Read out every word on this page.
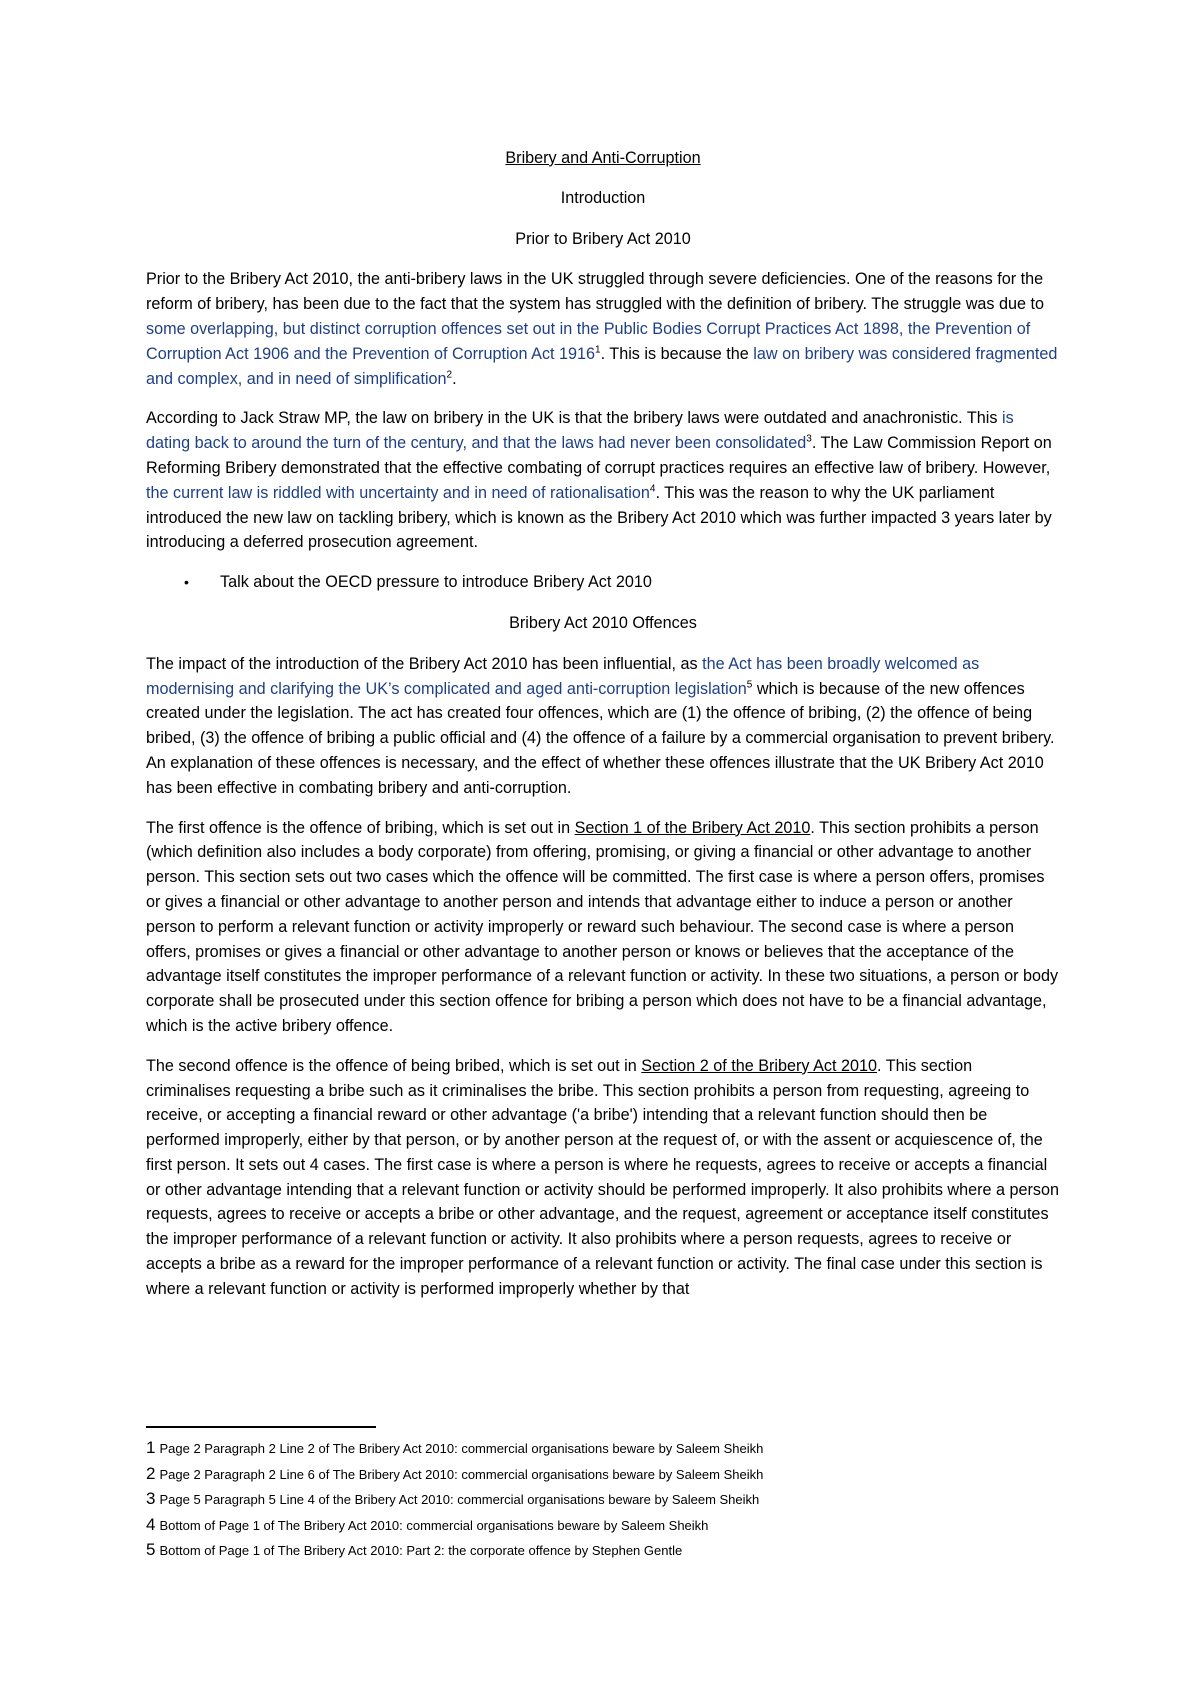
Bribery and Anti-Corruption
Introduction
Prior to Bribery Act 2010

Prior to the Bribery Act 2010, the anti-bribery laws in the UK struggled through severe deficiencies. One of the reasons for the reform of bribery, has been due to the fact that the system has struggled with the definition of bribery. The struggle was due to some overlapping, but distinct corruption offences set out in the Public Bodies Corrupt Practices Act 1898, the Prevention of Corruption Act 1906 and the Prevention of Corruption Act 1916$^1$. This is because the law on bribery was considered fragmented and complex, and in need of simplification$^2$.

According to Jack Straw MP, the law on bribery in the UK is that the bribery laws were outdated and anachronistic. This is dating back to around the turn of the century, and that the laws had never been consolidated$^3$. The Law Commission Report on Reforming Bribery demonstrated that the effective combating of corrupt practices requires an effective law of bribery. However, the current law is riddled with uncertainty and in need of rationalisation$^4$. This was the reason to why the UK parliament introduced the new law on tackling bribery, which is known as the Bribery Act 2010 which was further impacted 3 years later by introducing a deferred prosecution agreement.

•	Talk about the OECD pressure to introduce Bribery Act 2010
Bribery Act 2010 Offences

The impact of the introduction of the Bribery Act 2010 has been influential, as the Act has been broadly welcomed as modernising and clarifying the UK’s complicated and aged anti-corruption legislation$^5$ which is because of the new offences created under the legislation. The act has created four offences, which are (1) the offence of bribing, (2) the offence of being bribed, (3) the offence of bribing a public official and (4) the offence of a failure by a commercial organisation to prevent bribery. An explanation of these offences is necessary, and the effect of whether these offences illustrate that the UK Bribery Act 2010 has been effective in combating bribery and anti-corruption.

The first offence is the offence of bribing, which is set out in Section 1 of the Bribery Act 2010. This section prohibits a person (which definition also includes a body corporate) from offering, promising, or giving a financial or other advantage to another person. This section sets out two cases which the offence will be committed. The first case is where a person offers, promises or gives a financial or other advantage to another person and intends that advantage either to induce a person or another person to perform a relevant function or activity improperly or reward such behaviour. The second case is where a person offers, promises or gives a financial or other advantage to another person or knows or believes that the acceptance of the advantage itself constitutes the improper performance of a relevant function or activity. In these two situations, a person or body corporate shall be prosecuted under this section offence for bribing a person which does not have to be a financial advantage, which is the active bribery offence.

The second offence is the offence of being bribed, which is set out in Section 2 of the Bribery Act 2010. This section criminalises requesting a bribe such as it criminalises the bribe. This section prohibits a person from requesting, agreeing to receive, or accepting a financial reward or other advantage ('a bribe') intending that a relevant function should then be performed improperly, either by that person, or by another person at the request of, or with the assent or acquiescence of, the first person. It sets out 4 cases. The first case is where a person is where he requests, agrees to receive or accepts a financial or other advantage intending that a relevant function or activity should be performed improperly. It also prohibits where a person requests, agrees to receive or accepts a bribe or other advantage, and the request, agreement or acceptance itself constitutes the improper performance of a relevant function or activity. It also prohibits where a person requests, agrees to receive or accepts a bribe as a reward for the improper performance of a relevant function or activity. The final case under this section is where a relevant function or activity is performed improperly whether by that

1 Page 2 Paragraph 2 Line 2 of The Bribery Act 2010: commercial organisations beware by Saleem Sheikh
2 Page 2 Paragraph 2 Line 6 of The Bribery Act 2010: commercial organisations beware by Saleem Sheikh
3 Page 5 Paragraph 5 Line 4 of the Bribery Act 2010: commercial organisations beware by Saleem Sheikh
4 Bottom of Page 1 of The Bribery Act 2010: commercial organisations beware by Saleem Sheikh
5 Bottom of Page 1 of The Bribery Act 2010: Part 2: the corporate offence by Stephen Gentle
